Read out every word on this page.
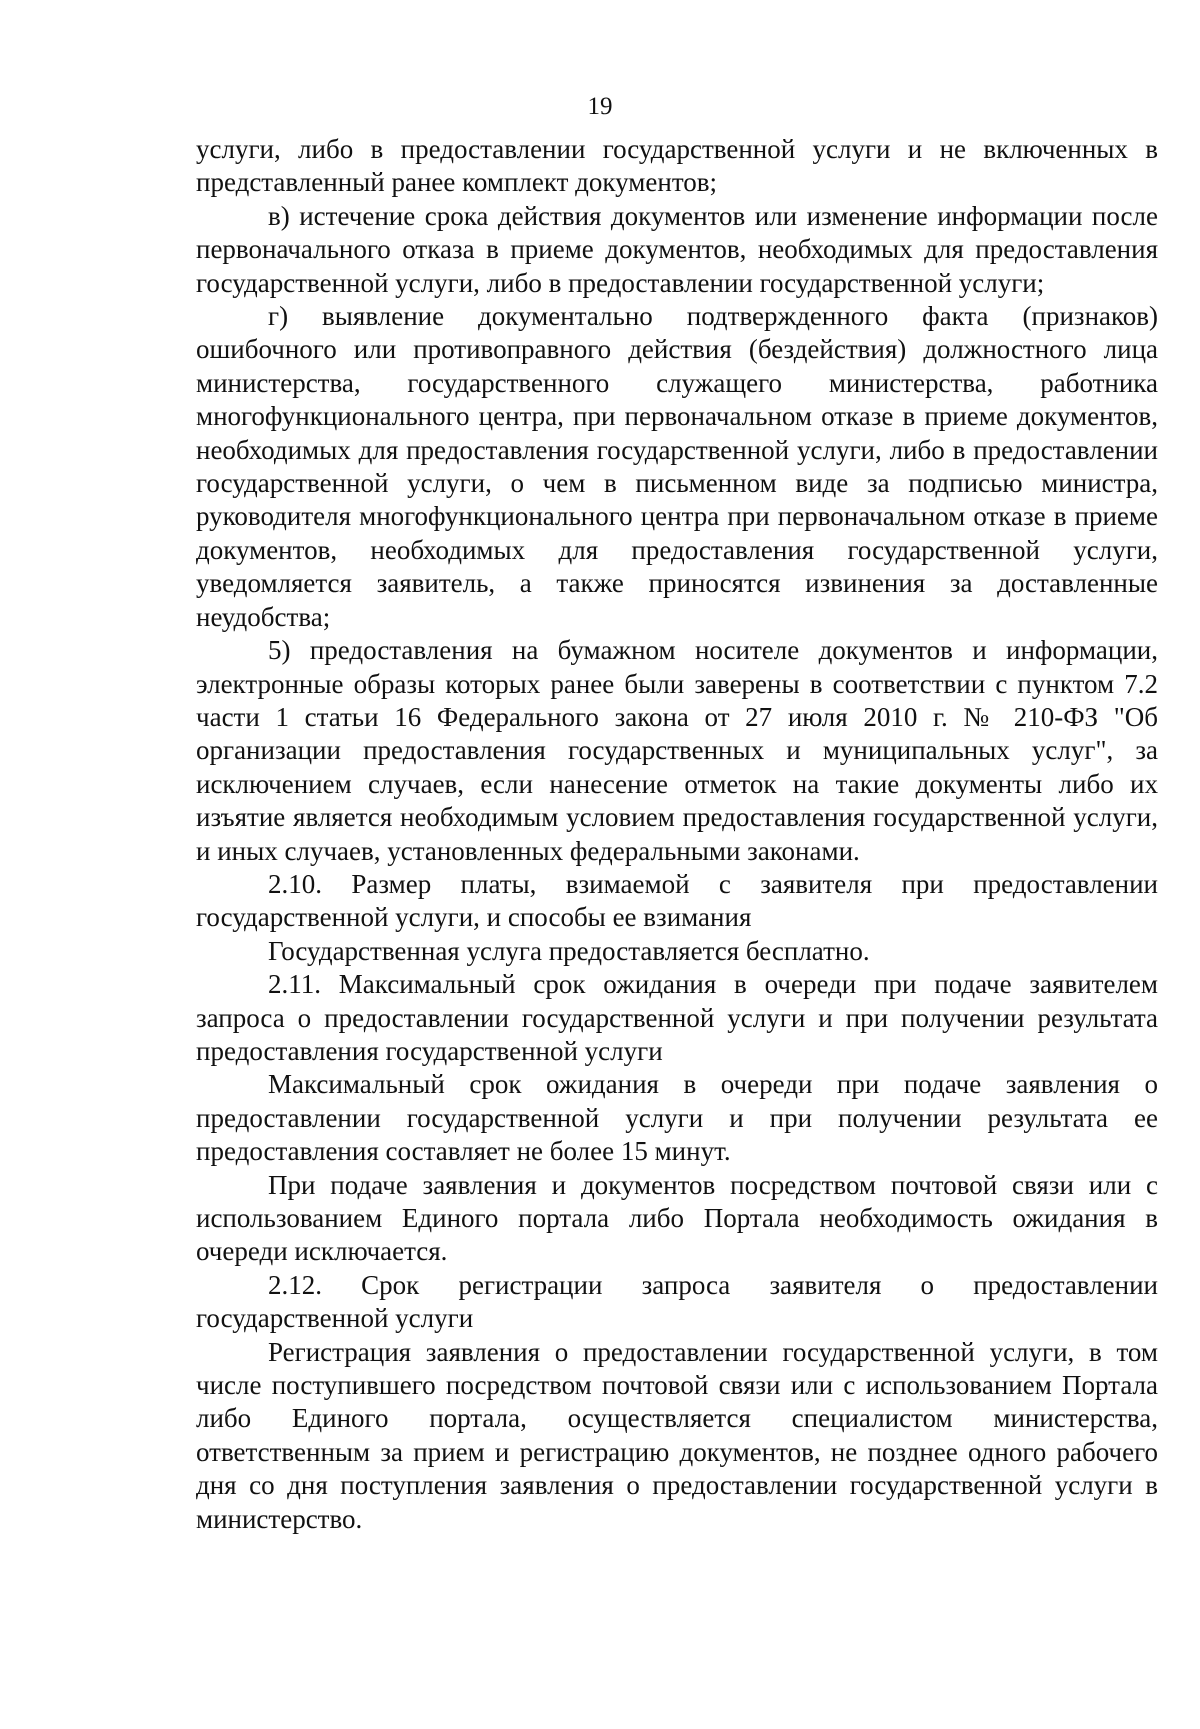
19

услуги, либо в предоставлении государственной услуги и не включенных в представленный ранее комплект документов;

в) истечение срока действия документов или изменение информации после первоначального отказа в приеме документов, необходимых для предоставления государственной услуги, либо в предоставлении государственной услуги;

г) выявление документально подтвержденного факта (признаков) ошибочного или противоправного действия (бездействия) должностного лица министерства, государственного служащего министерства, работника многофункционального центра, при первоначальном отказе в приеме документов, необходимых для предоставления государственной услуги, либо в предоставлении государственной услуги, о чем в письменном виде за подписью министра, руководителя многофункционального центра при первоначальном отказе в приеме документов, необходимых для предоставления государственной услуги, уведомляется заявитель, а также приносятся извинения за доставленные неудобства;

5) предоставления на бумажном носителе документов и информации, электронные образы которых ранее были заверены в соответствии с пунктом 7.2 части 1 статьи 16 Федерального закона от 27 июля 2010 г. № 210-ФЗ "Об организации предоставления государственных и муниципальных услуг", за исключением случаев, если нанесение отметок на такие документы либо их изъятие является необходимым условием предоставления государственной услуги, и иных случаев, установленных федеральными законами.

2.10. Размер платы, взимаемой с заявителя при предоставлении государственной услуги, и способы ее взимания

Государственная услуга предоставляется бесплатно.

2.11. Максимальный срок ожидания в очереди при подаче заявителем запроса о предоставлении государственной услуги и при получении результата предоставления государственной услуги

Максимальный срок ожидания в очереди при подаче заявления о предоставлении государственной услуги и при получении результата ее предоставления составляет не более 15 минут.

При подаче заявления и документов посредством почтовой связи или с использованием Единого портала либо Портала необходимость ожидания в очереди исключается.

2.12. Срок регистрации запроса заявителя о предоставлении государственной услуги

Регистрация заявления о предоставлении государственной услуги, в том числе поступившего посредством почтовой связи или с использованием Портала либо Единого портала, осуществляется специалистом министерства, ответственным за прием и регистрацию документов, не позднее одного рабочего дня со дня поступления заявления о предоставлении государственной услуги в министерство.
